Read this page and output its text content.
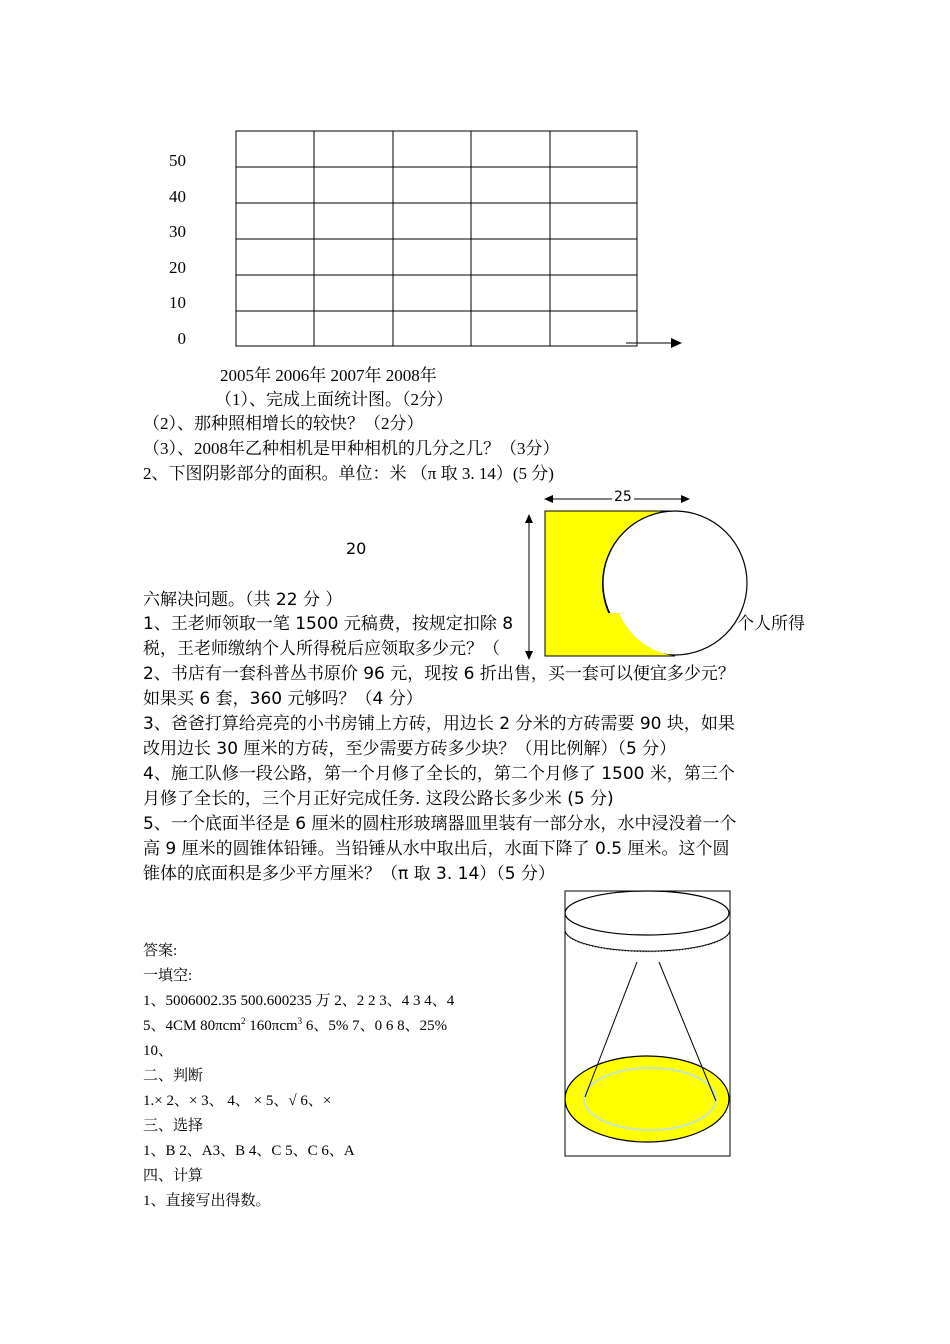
50
40
30
20
10
0
2005年 2006年 2007年 2008年
（1）、完成上面统计图。（2分）
（2）、那种照相增长的较快？（2分）
（3）、2008年乙种相机是甲种相机的几分之几？（3分）
2、下图阴影部分的面积。单位：米 （π 取 3. 14）(5 分)
25
20
六解决问题。（共 22 分 ）
1、王老师领取一笔 1500 元稿费，按规定扣除 8	个人所得
税，王老师缴纳个人所得税后应领取多少元？（
2、书店有一套科普丛书原价 96 元，现按 6 折出售，买一套可以便宜多少元？
如果买 6 套，360 元够吗？（4 分）
3、爸爸打算给亮亮的小书房铺上方砖，用边长 2 分米的方砖需要 90 块，如果
改用边长 30 厘米的方砖，至少需要方砖多少块？（用比例解）（5 分）
4、施工队修一段公路，第一个月修了全长的，第二个月修了 1500 米，第三个
月修了全长的，三个月正好完成任务. 这段公路长多少米 (5 分)
5、一个底面半径是 6 厘米的圆柱形玻璃器皿里装有一部分水，水中浸没着一个
高 9 厘米的圆锥体铅锤。当铅锤从水中取出后，水面下降了 0.5 厘米。这个圆
锥体的底面积是多少平方厘米？（π 取 3. 14）（5 分）
答案:
一填空:
1、5006002.35 500.600235 万 2、2 2 3、4 3 4、4
5、4CM 80πcm$^2$ 160πcm$^3$ 6、5% 7、0 6 8、25%
10、
二、判断
1.× 2、× 3、 4、 × 5、√ 6、×
三、选择
1、B 2、A3、B 4、C 5、C 6、A
四、计算
1、直接写出得数。
